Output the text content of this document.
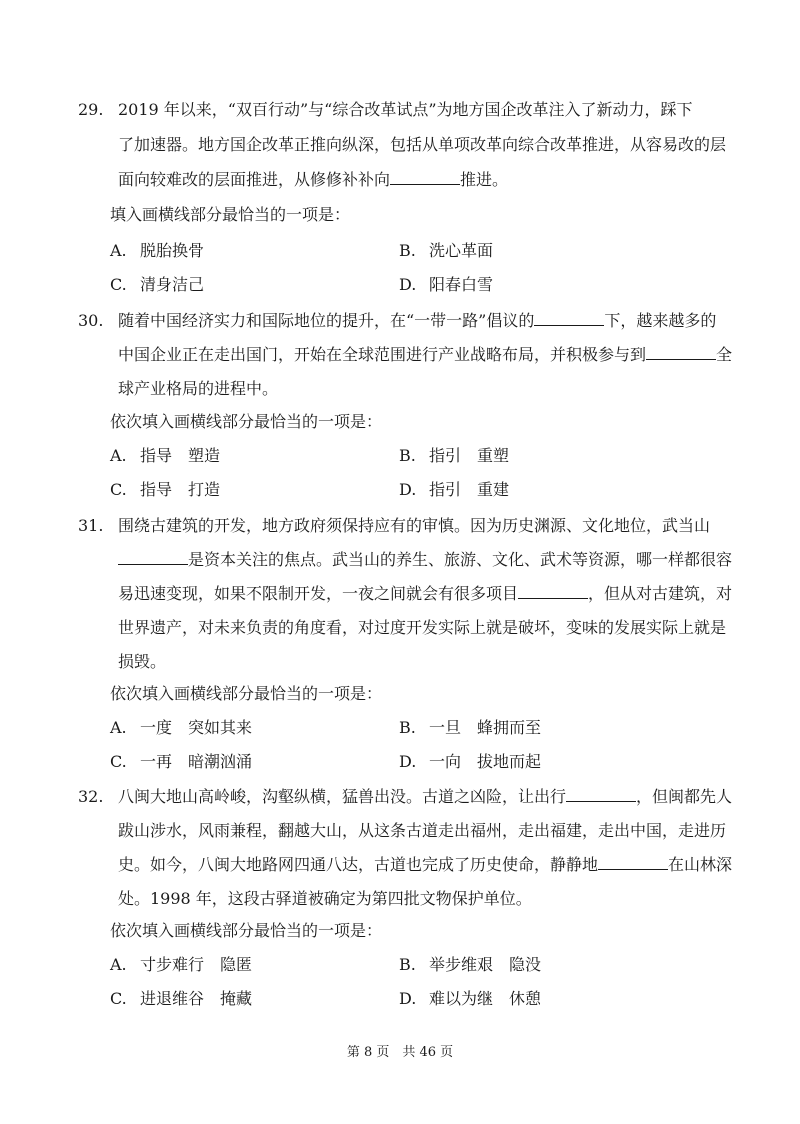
29. 2019 年以来，“双百行动”与“综合改革试点”为地方国企改革注入了新动力，踩下
了加速器。地方国企改革正推向纵深，包括从单项改革向综合改革推进，从容易改的层
面向较难改的层面推进，从修修补补向	推进。
填入画横线部分最恰当的一项是：
A. 脱胎换骨	B. 洗心革面
C. 清身洁己	D. 阳春白雪
30. 随着中国经济实力和国际地位的提升，在“一带一路”倡议的	下，越来越多的
中国企业正在走出国门，开始在全球范围进行产业战略布局，并积极参与到	全
球产业格局的进程中。
依次填入画横线部分最恰当的一项是：
A. 指导　塑造	B. 指引　重塑
C. 指导　打造	D. 指引　重建
31. 围绕古建筑的开发，地方政府须保持应有的审慎。因为历史渊源、文化地位，武当山
是资本关注的焦点。武当山的养生、旅游、文化、武术等资源，哪一样都很容
易迅速变现，如果不限制开发，一夜之间就会有很多项目	，但从对古建筑，对
世界遗产，对未来负责的角度看，对过度开发实际上就是破坏，变味的发展实际上就是
损毁。
依次填入画横线部分最恰当的一项是：
A. 一度　突如其来	B. 一旦　蜂拥而至
C. 一再　暗潮汹涌	D. 一向　拔地而起
32. 八闽大地山高岭峻，沟壑纵横，猛兽出没。古道之凶险，让出行	，但闽都先人
跋山涉水，风雨兼程，翻越大山，从这条古道走出福州，走出福建，走出中国，走进历
史。如今，八闽大地路网四通八达，古道也完成了历史使命，静静地	在山林深
处。1998 年，这段古驿道被确定为第四批文物保护单位。
依次填入画横线部分最恰当的一项是：
A. 寸步难行　隐匿	B. 举步维艰　隐没
C. 进退维谷　掩藏	D. 难以为继　休憩
第 8 页　共 46 页
